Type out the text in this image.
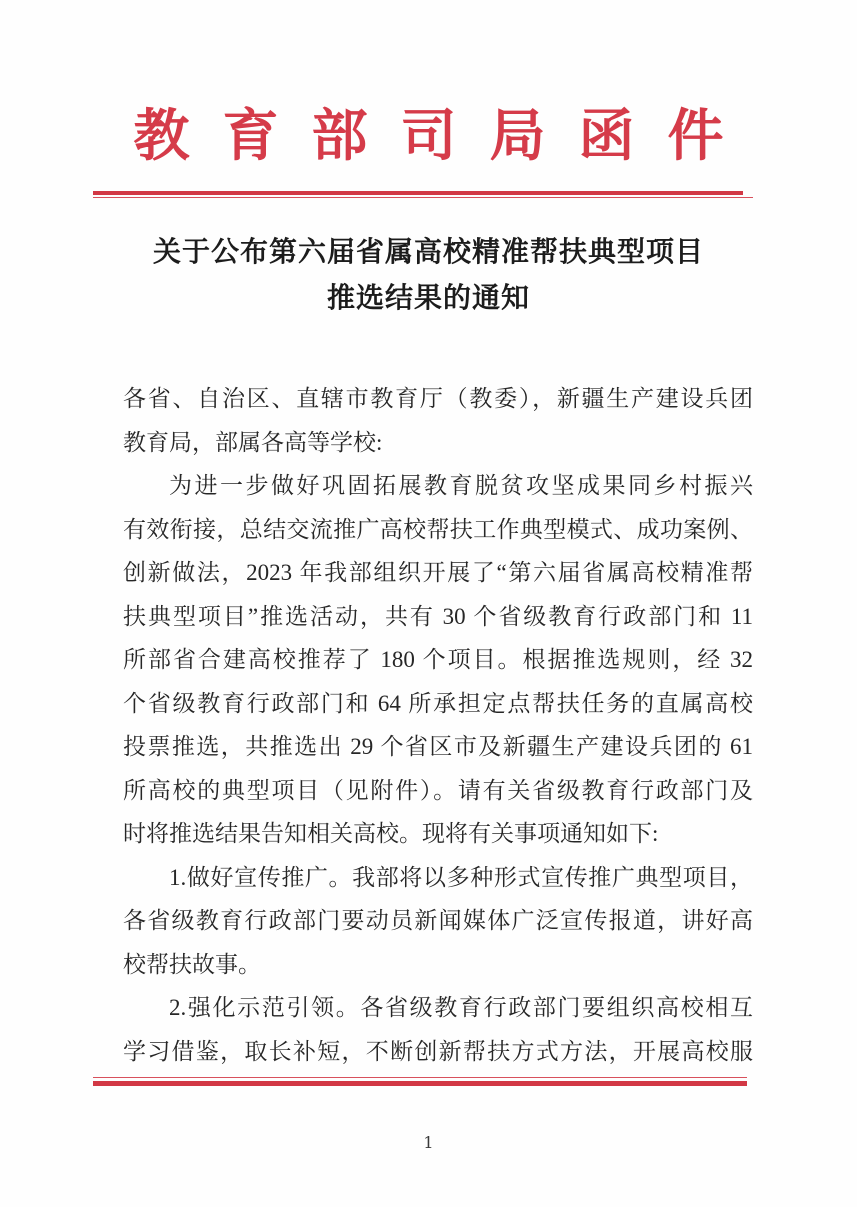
教育部司局函件
关于公布第六届省属高校精准帮扶典型项目
推选结果的通知
各省、自治区、直辖市教育厅（教委），新疆生产建设兵团
教育局，部属各高等学校:
为进一步做好巩固拓展教育脱贫攻坚成果同乡村振兴
有效衔接，总结交流推广高校帮扶工作典型模式、成功案例、
创新做法，2023 年我部组织开展了“第六届省属高校精准帮
扶典型项目”推选活动，共有 30 个省级教育行政部门和 11
所部省合建高校推荐了 180 个项目。根据推选规则，经 32
个省级教育行政部门和 64 所承担定点帮扶任务的直属高校
投票推选，共推选出 29 个省区市及新疆生产建设兵团的 61
所高校的典型项目（见附件）。请有关省级教育行政部门及
时将推选结果告知相关高校。现将有关事项通知如下:
1.做好宣传推广。我部将以多种形式宣传推广典型项目，
各省级教育行政部门要动员新闻媒体广泛宣传报道，讲好高
校帮扶故事。
2.强化示范引领。各省级教育行政部门要组织高校相互
学习借鉴，取长补短，不断创新帮扶方式方法，开展高校服
1
